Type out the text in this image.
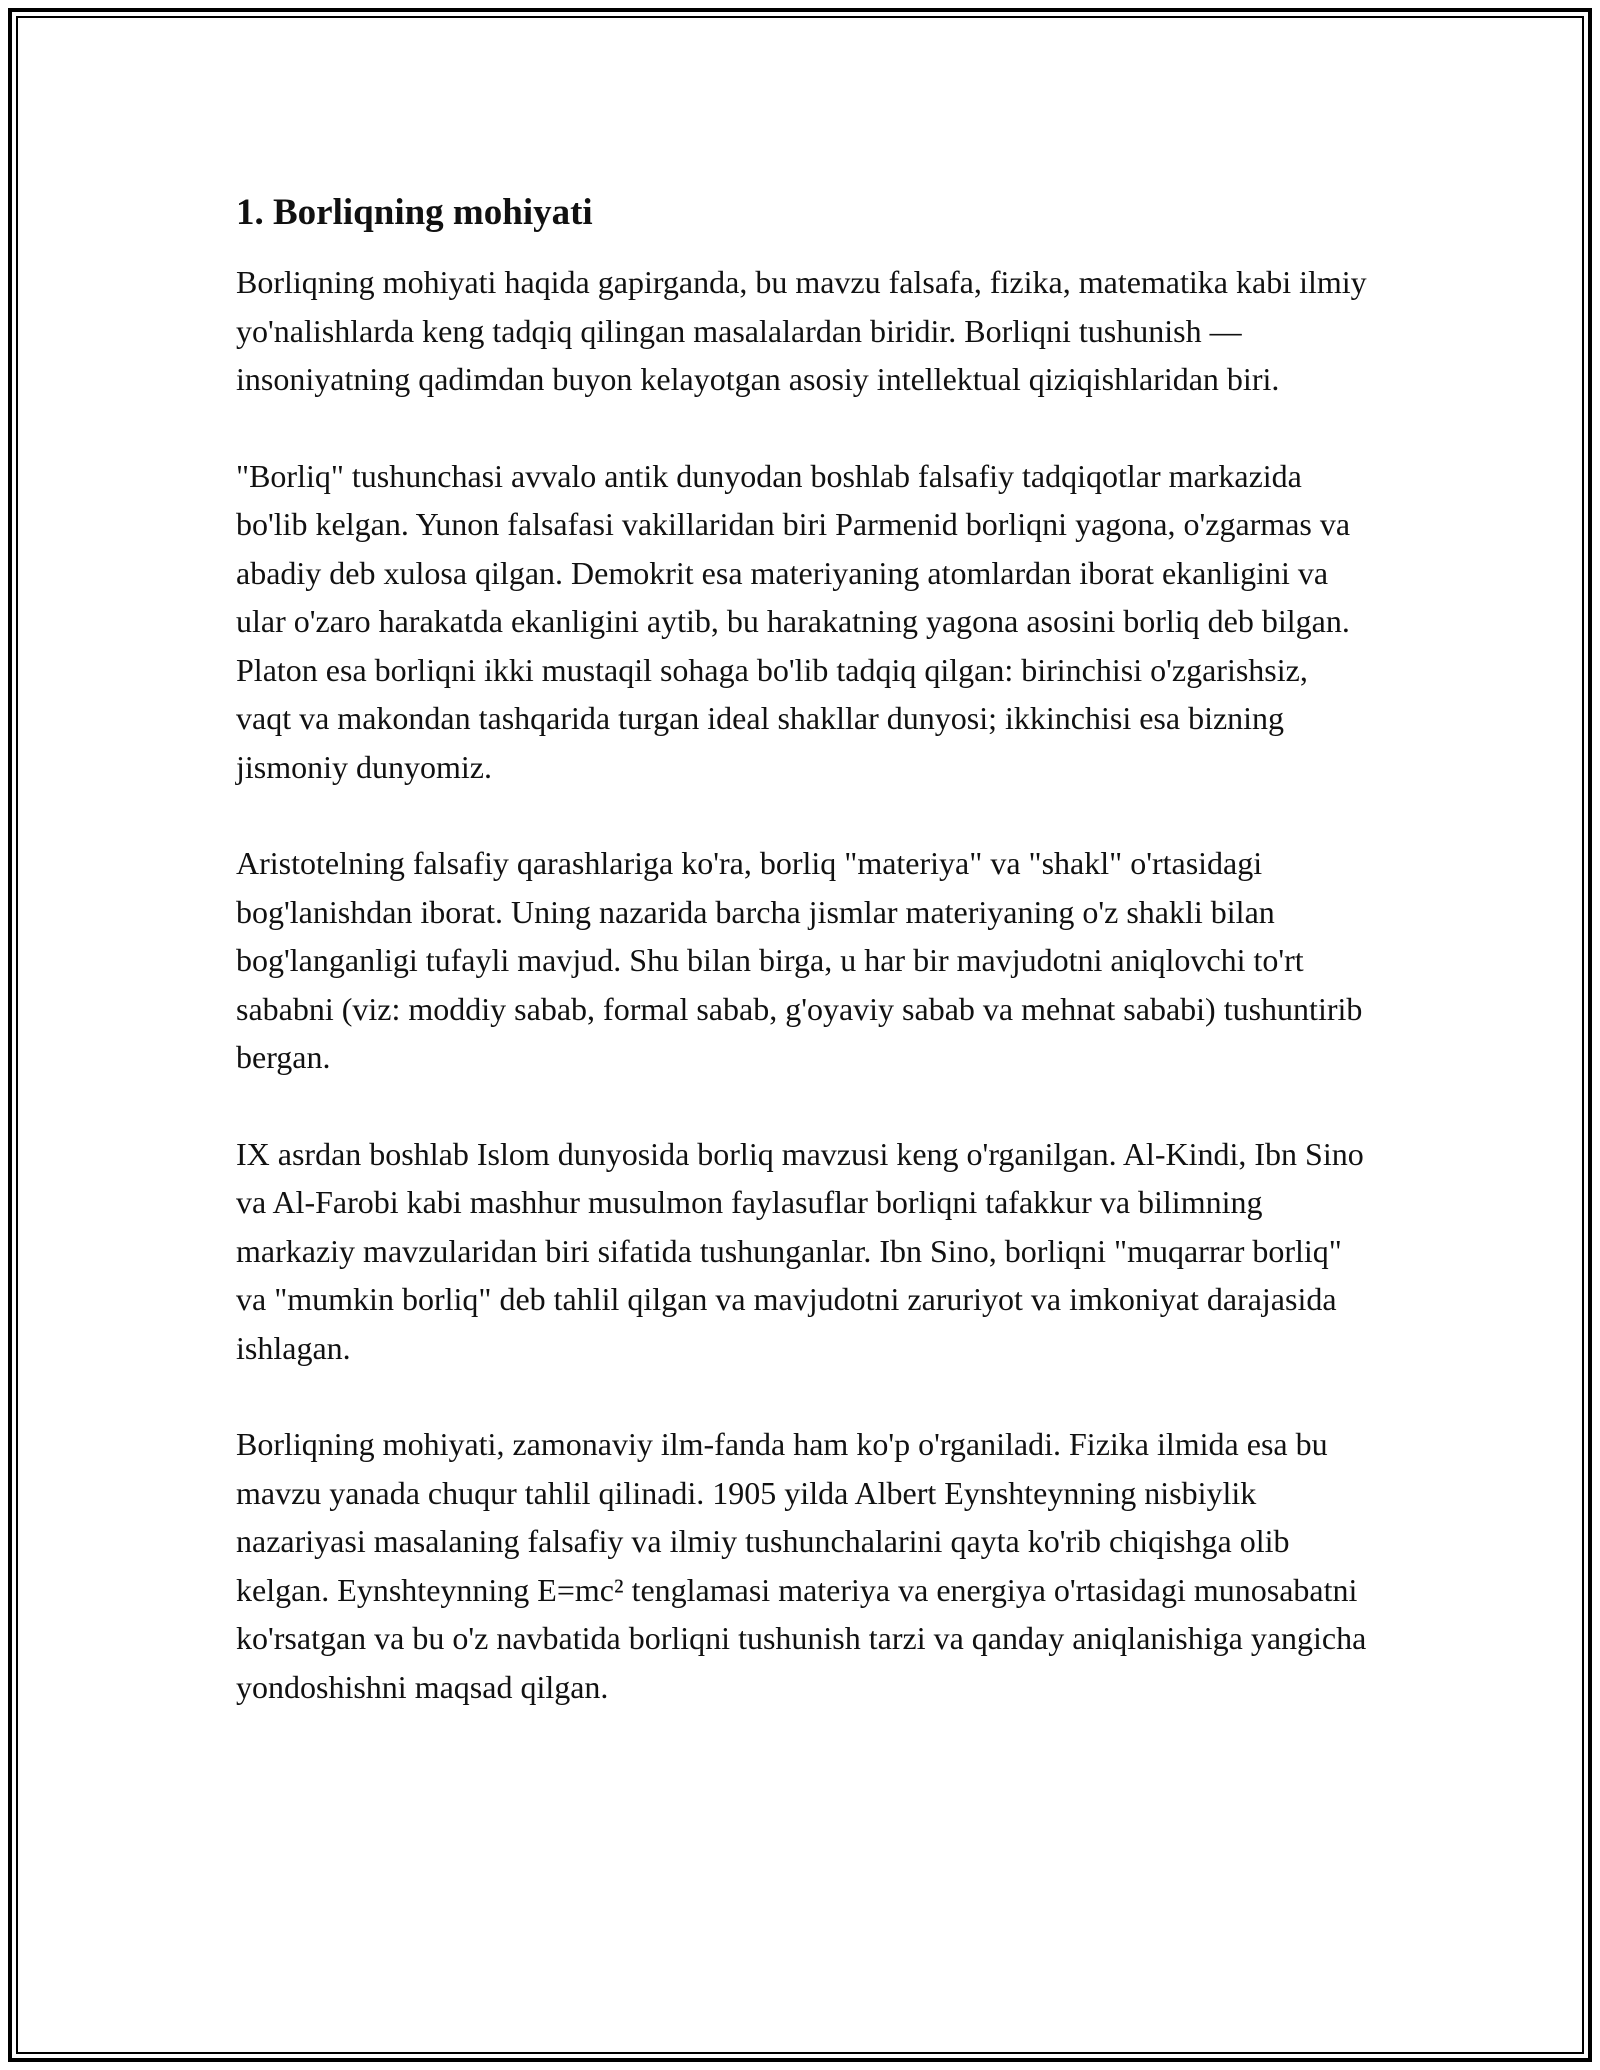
1. Borliqning mohiyati

Borliqning mohiyati haqida gapirganda, bu mavzu falsafa, fizika, matematika kabi ilmiy yo'nalishlarda keng tadqiq qilingan masalalardan biridir. Borliqni tushunish — insoniyatning qadimdan buyon kelayotgan asosiy intellektual qiziqishlaridan biri.

"Borliq" tushunchasi avvalo antik dunyodan boshlab falsafiy tadqiqotlar markazida bo'lib kelgan. Yunon falsafasi vakillaridan biri Parmenid borliqni yagona, o'zgarmas va abadiy deb xulosa qilgan. Demokrit esa materiyaning atomlardan iborat ekanligini va ular o'zaro harakatda ekanligini aytib, bu harakatning yagona asosini borliq deb bilgan. Platon esa borliqni ikki mustaqil sohaga bo'lib tadqiq qilgan: birinchisi o'zgarishsiz, vaqt va makondan tashqarida turgan ideal shakllar dunyosi; ikkinchisi esa bizning jismoniy dunyomiz.

Aristotelning falsafiy qarashlariga ko'ra, borliq "materiya" va "shakl" o'rtasidagi bog'lanishdan iborat. Uning nazarida barcha jismlar materiyaning o'z shakli bilan bog'langanligi tufayli mavjud. Shu bilan birga, u har bir mavjudotni aniqlovchi to'rt sababni (viz: moddiy sabab, formal sabab, g'oyaviy sabab va mehnat sababi) tushuntirib bergan.

IX asrdan boshlab Islom dunyosida borliq mavzusi keng o'rganilgan. Al-Kindi, Ibn Sino va Al-Farobi kabi mashhur musulmon faylasuflar borliqni tafakkur va bilimning markaziy mavzularidan biri sifatida tushunganlar. Ibn Sino, borliqni "muqarrar borliq" va "mumkin borliq" deb tahlil qilgan va mavjudotni zaruriyot va imkoniyat darajasida ishlagan.

Borliqning mohiyati, zamonaviy ilm-fanda ham ko'p o'rganiladi. Fizika ilmida esa bu mavzu yanada chuqur tahlil qilinadi. 1905 yilda Albert Eynshteynning nisbiylik nazariyasi masalaning falsafiy va ilmiy tushunchalarini qayta ko'rib chiqishga olib kelgan. Eynshteynning E=mc² tenglamasi materiya va energiya o'rtasidagi munosabatni ko'rsatgan va bu o'z navbatida borliqni tushunish tarzi va qanday aniqlanishiga yangicha yondoshishni maqsad qilgan.
